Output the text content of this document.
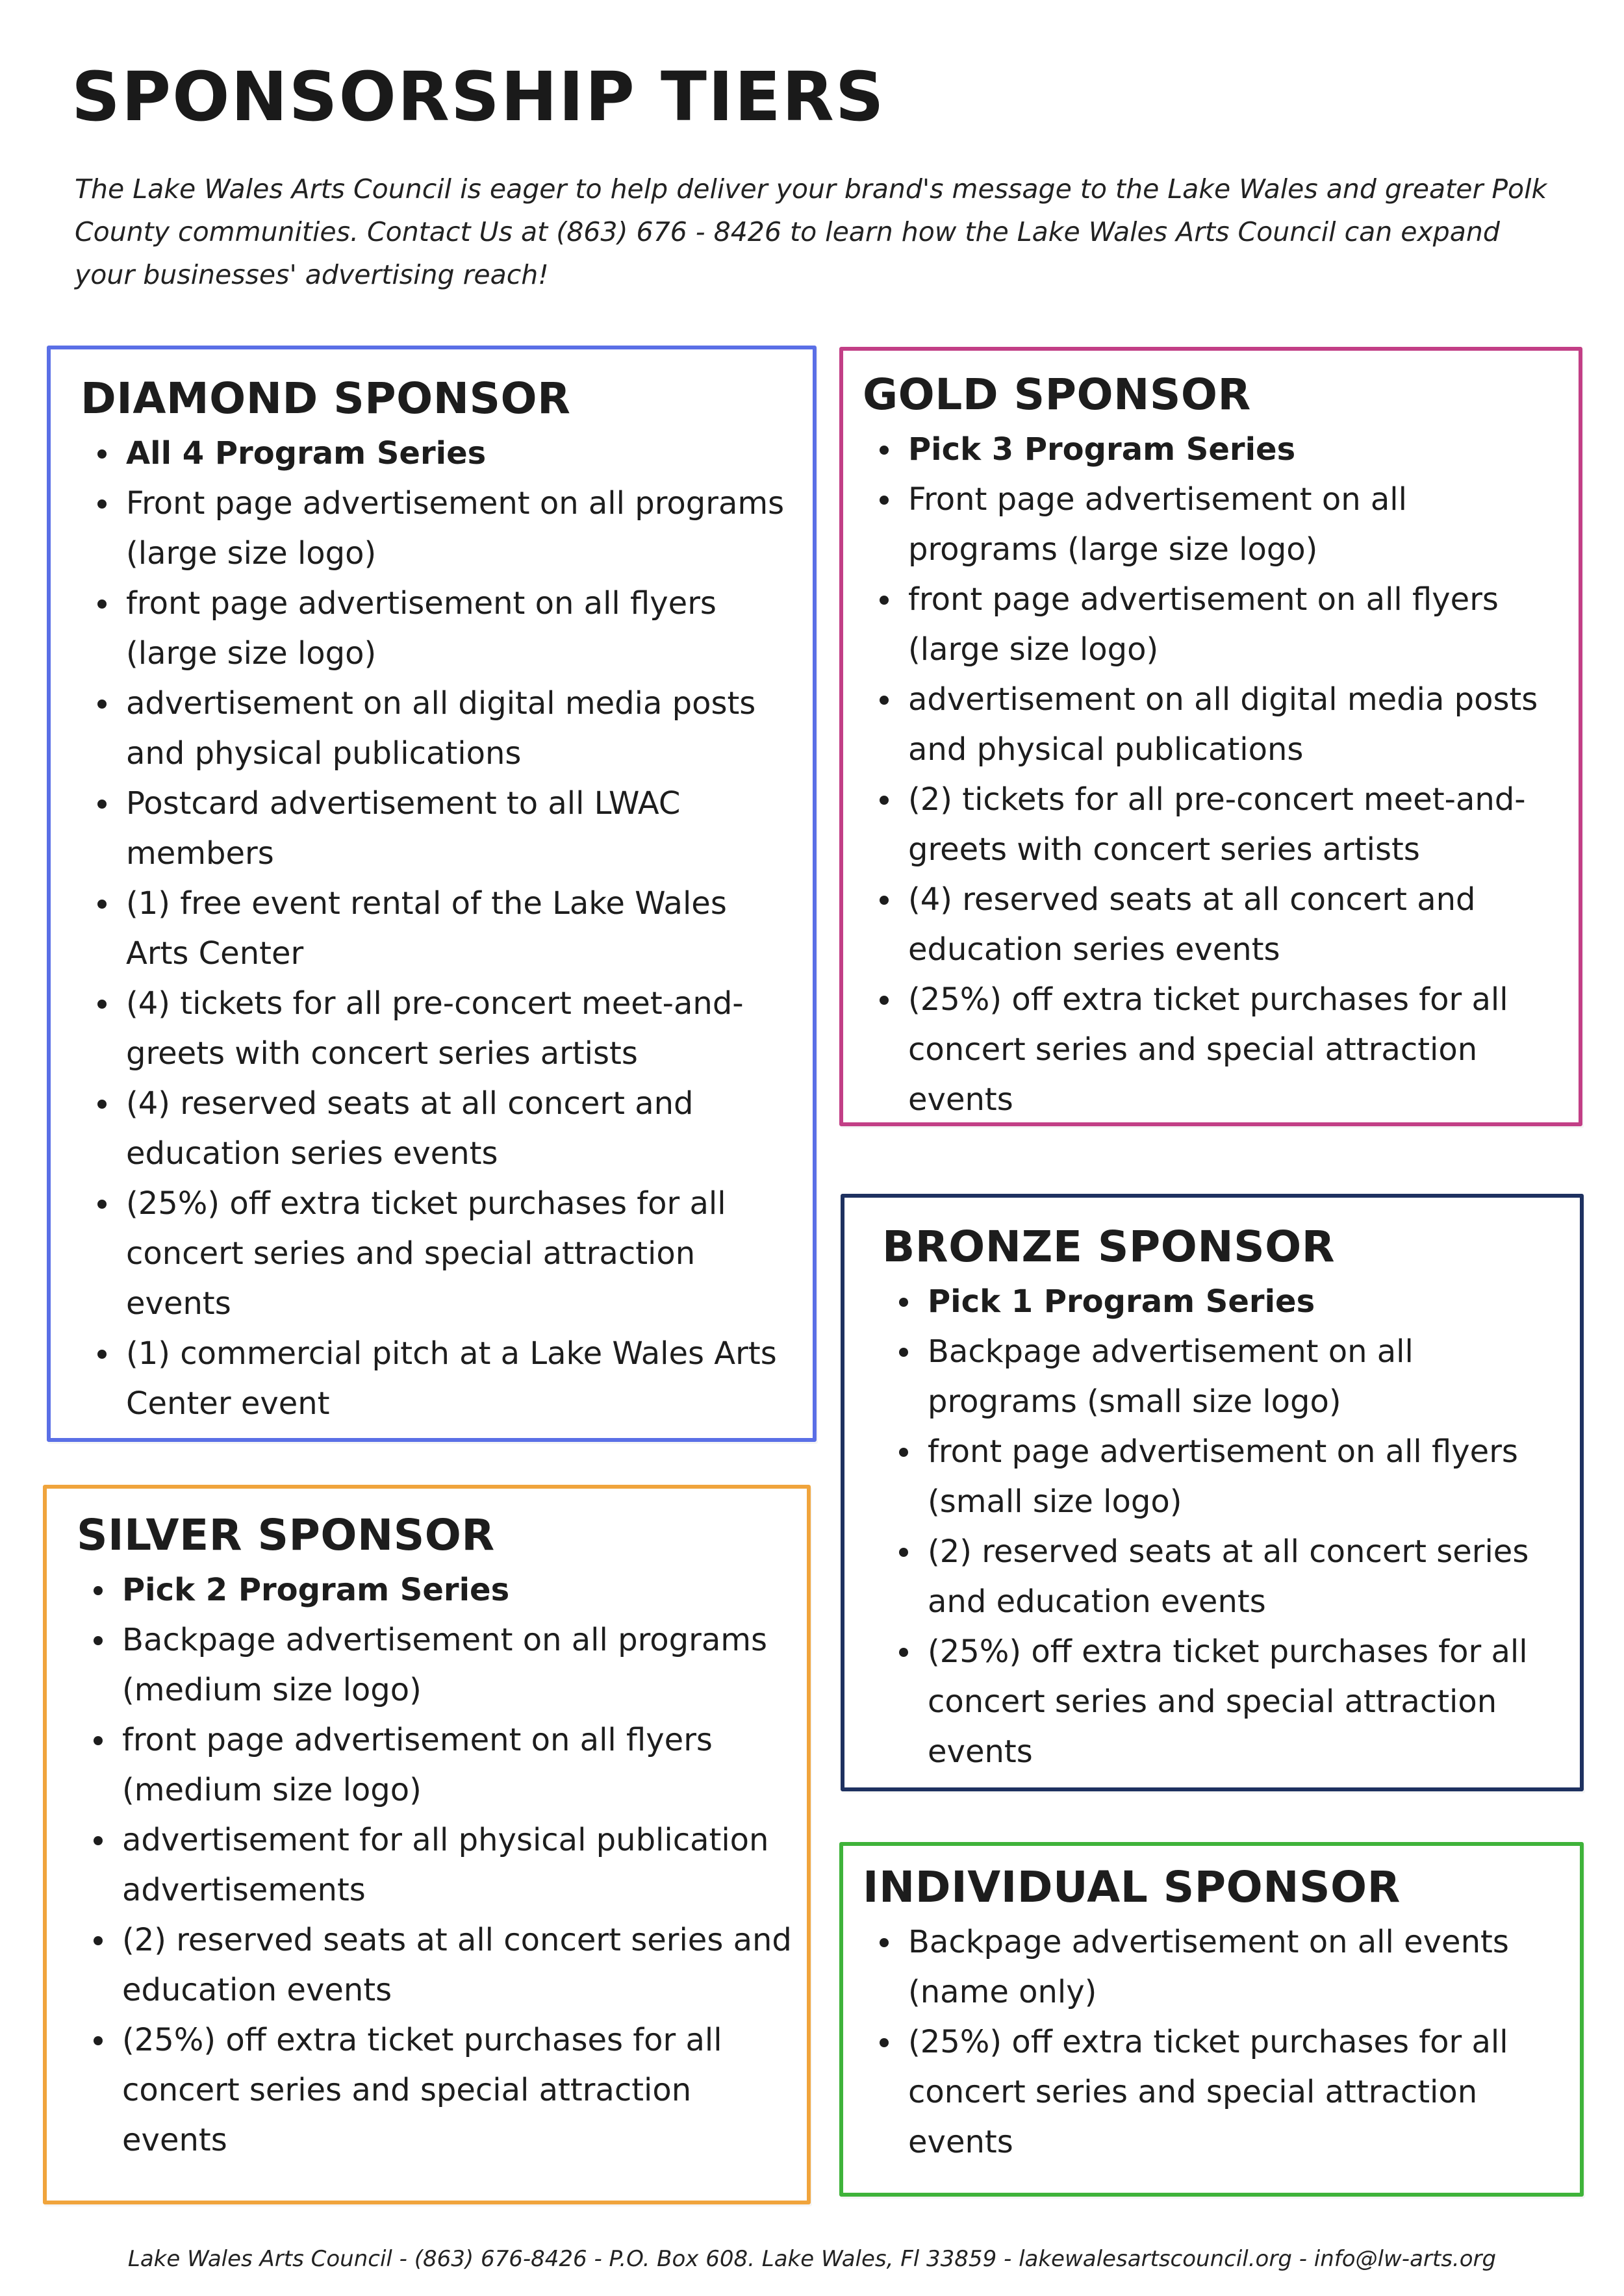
SPONSORSHIP TIERS

The Lake Wales Arts Council is eager to help deliver your brand's message to the Lake Wales and greater Polk County communities. Contact Us at (863) 676 - 8426 to learn how the Lake Wales Arts Council can expand your businesses' advertising reach!

DIAMOND SPONSOR
All 4 Program Series
Front page advertisement on all programs (large size logo)
front page advertisement on all flyers (large size logo)
advertisement on all digital media posts and physical publications
Postcard advertisement to all LWAC members
(1) free event rental of the Lake Wales Arts Center
(4) tickets for all pre-concert meet-and-greets with concert series artists
(4) reserved seats at all concert and education series events
(25%) off extra ticket purchases for all concert series and special attraction events
(1) commercial pitch at a Lake Wales Arts Center event
GOLD SPONSOR
Pick 3 Program Series
Front page advertisement on all programs (large size logo)
front page advertisement on all flyers (large size logo)
advertisement on all digital media posts and physical publications
(2) tickets for all pre-concert meet-and-greets with concert series artists
(4) reserved seats at all concert and education series events
(25%) off extra ticket purchases for all concert series and special attraction events
BRONZE SPONSOR
Pick 1 Program Series
Backpage advertisement on all programs (small size logo)
front page advertisement on all flyers (small size logo)
(2) reserved seats at all concert series and education events
(25%) off extra ticket purchases for all concert series and special attraction events
SILVER SPONSOR
Pick 2 Program Series
Backpage advertisement on all programs (medium size logo)
front page advertisement on all flyers (medium size logo)
advertisement for all physical publication advertisements
(2) reserved seats at all concert series and education events
(25%) off extra ticket purchases for all concert series and special attraction events
INDIVIDUAL SPONSOR
Backpage advertisement on all events (name only)
(25%) off extra ticket purchases for all concert series and special attraction events

Lake Wales Arts Council - (863) 676-8426 - P.O. Box 608. Lake Wales, Fl 33859 - lakewalesartscouncil.org - info@lw-arts.org
